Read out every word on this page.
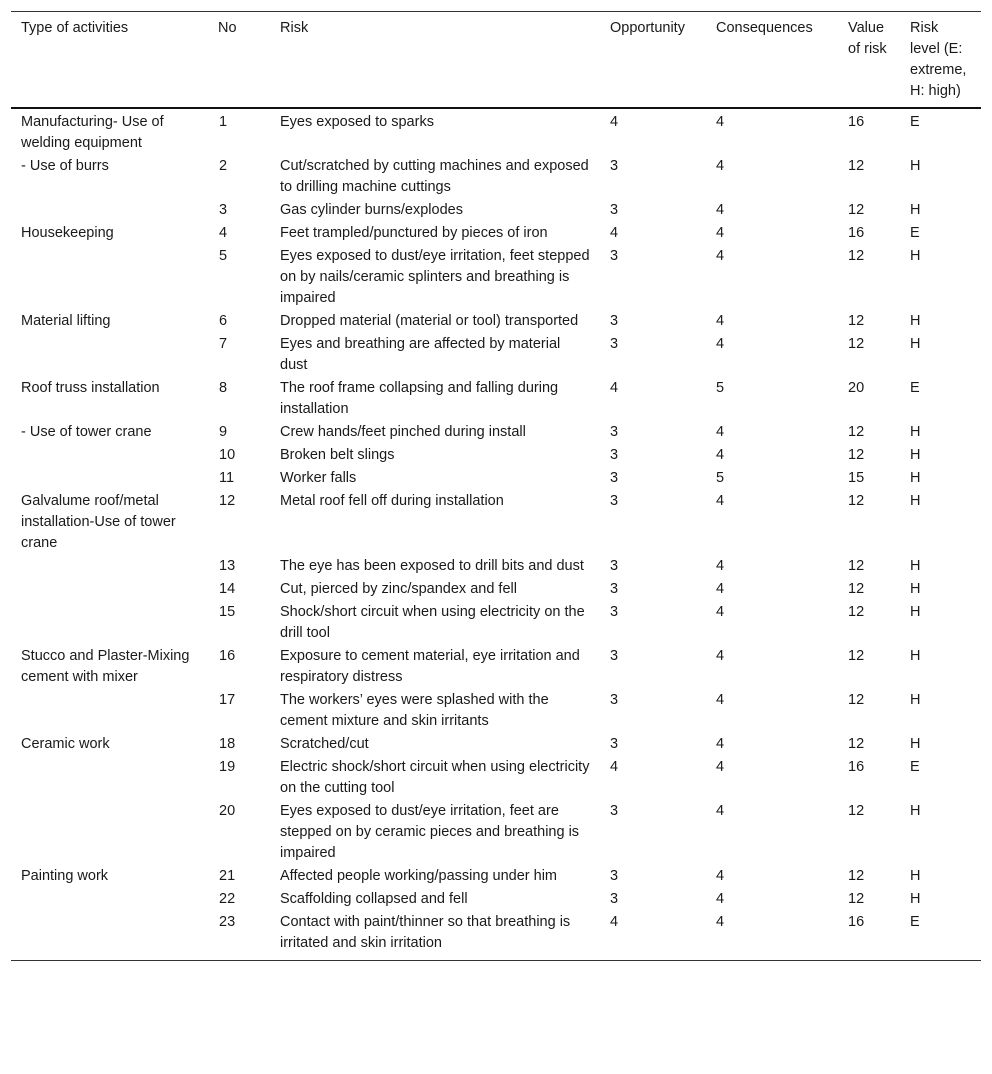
Type of activities	No	Risk	Opportunity	Consequences	Value of risk	Risk level (E: extreme, H: high)
Manufacturing- Use of welding equipment	1	Eyes exposed to sparks	4	4	16	E
- Use of burrs	2	Cut/scratched by cutting machines and exposed to drilling machine cuttings	3	4	12	H
	3	Gas cylinder burns/explodes	3	4	12	H
Housekeeping	4	Feet trampled/punctured by pieces of iron	4	4	16	E
	5	Eyes exposed to dust/eye irritation, feet stepped on by nails/ceramic splinters and breathing is impaired	3	4	12	H
Material lifting	6	Dropped material (material or tool) transported	3	4	12	H
	7	Eyes and breathing are affected by material dust	3	4	12	H
Roof truss installation	8	The roof frame collapsing and falling during installation	4	5	20	E
- Use of tower crane	9	Crew hands/feet pinched during install	3	4	12	H
	10	Broken belt slings	3	4	12	H
	11	Worker falls	3	5	15	H
Galvalume roof/metal installation-Use of tower crane	12	Metal roof fell off during installation	3	4	12	H
	13	The eye has been exposed to drill bits and dust	3	4	12	H
	14	Cut, pierced by zinc/spandex and fell	3	4	12	H
	15	Shock/short circuit when using electricity on the drill tool	3	4	12	H
Stucco and Plaster-Mixing cement with mixer	16	Exposure to cement material, eye irritation and respiratory distress	3	4	12	H
	17	The workers’ eyes were splashed with the cement mixture and skin irritants	3	4	12	H
Ceramic work	18	Scratched/cut	3	4	12	H
	19	Electric shock/short circuit when using electricity on the cutting tool	4	4	16	E
	20	Eyes exposed to dust/eye irritation, feet are stepped on by ceramic pieces and breathing is impaired	3	4	12	H
Painting work	21	Affected people working/passing under him	3	4	12	H
	22	Scaffolding collapsed and fell	3	4	12	H
	23	Contact with paint/thinner so that breathing is irritated and skin irritation	4	4	16	E
